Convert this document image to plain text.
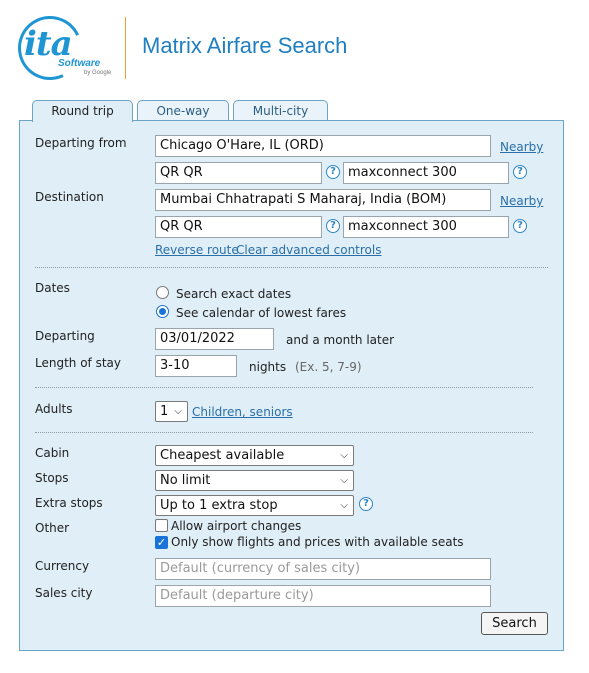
ita
Software
by Google
Matrix Airfare Search
Round trip	One-way	Multi-city
Departing from	Chicago O'Hare, IL (ORD)	Nearby
QR QR	? maxconnect 300	?
Destination	Mumbai Chhatrapati S Maharaj, India (BOM)	Nearby
QR QR	? maxconnect 300	?
Reverse route
Clear advanced controls
Dates	Search exact dates
See calendar of lowest fares
Departing	03/01/2022	and a month later
Length of stay	3-10	nights (Ex. 5, 7-9)
Adults	1 ⌵ Children, seniors
Cabin	Cheapest available	⌵
Stops	No limit	⌵
Extra stops	Up to 1 extra stop	⌵	?
Other	Allow airport changes
✓ Only show flights and prices with available seats
Currency	Default (currency of sales city)
Sales city	Default (departure city)
Search
